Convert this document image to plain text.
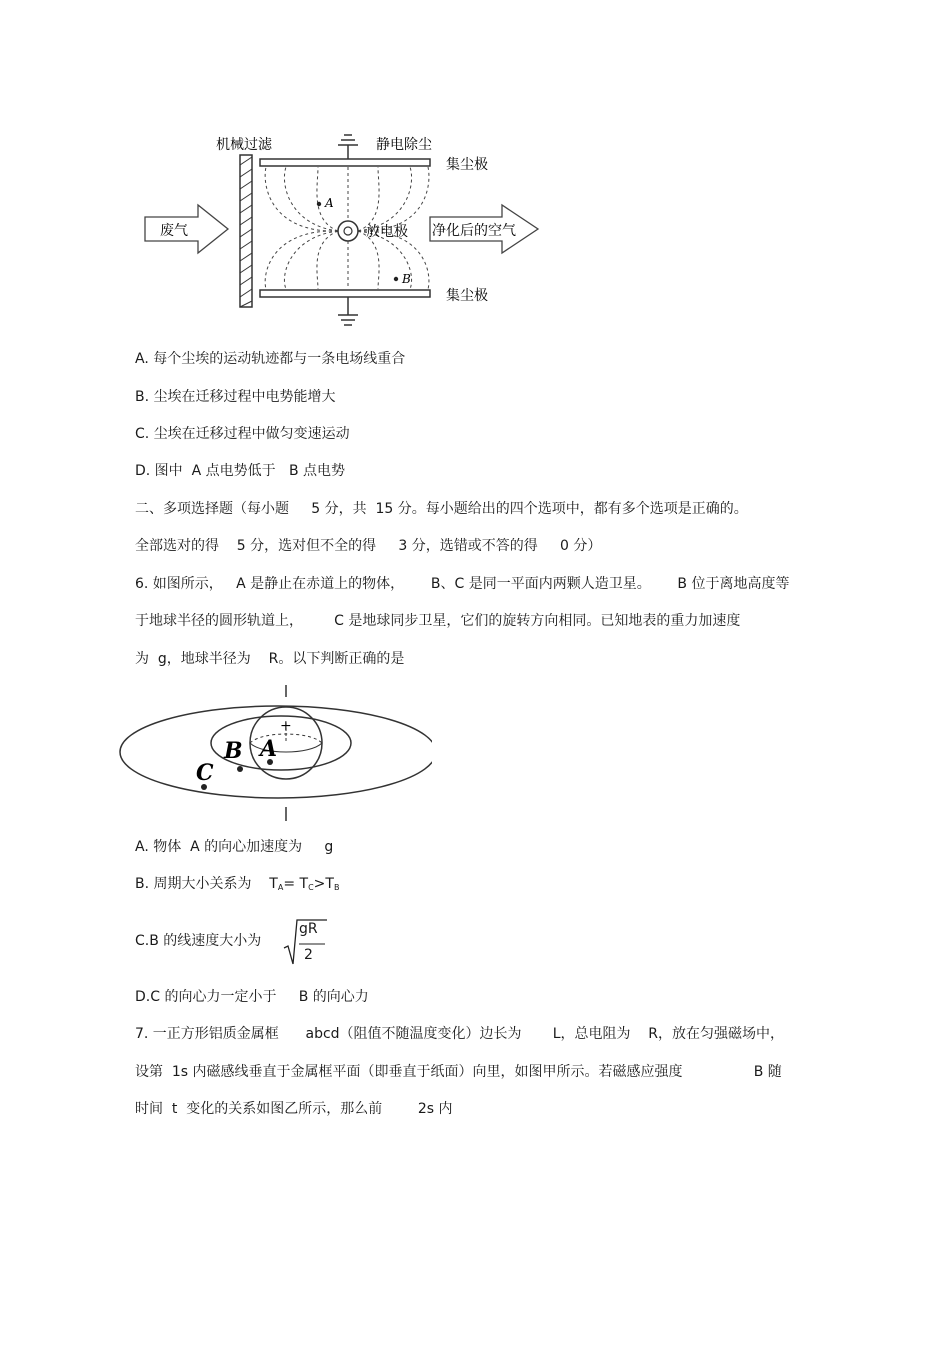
A
B
废气	净化后的空气
机械过滤	静电除尘
集尘极
集尘极
放电极
A. 每个尘埃的运动轨迹都与一条电场线重合
B. 尘埃在迁移过程中电势能增大
C. 尘埃在迁移过程中做匀变速运动
D. 图中  A 点电势低于   B 点电势
二、多项选择题（每小题     5 分，共  15 分。每小题给出的四个选项中，都有多个选项是正确的。
全部选对的得    5 分，选对但不全的得     3 分，选错或不答的得     0 分）
6. 如图所示，   A 是静止在赤道上的物体，      B、C 是同一平面内两颗人造卫星。      B 位于离地高度等
于地球半径的圆形轨道上，       C 是地球同步卫星，它们的旋转方向相同。已知地表的重力加速度
为  g，地球半径为    R。以下判断正确的是
+
A
B
C
A. 物体  A 的向心加速度为     g
B. 周期大小关系为    $T_A= T_C>T_B$
C.B 的线速度大小为
gR
2
D.C 的向心力一定小于     B 的向心力
7. 一正方形铝质金属框      abcd（阻值不随温度变化）边长为       L，总电阻为    R，放在匀强磁场中，
设第  1s 内磁感线垂直于金属框平面（即垂直于纸面）向里，如图甲所示。若磁感应强度                B 随
时间  t  变化的关系如图乙所示，那么前        2s 内
